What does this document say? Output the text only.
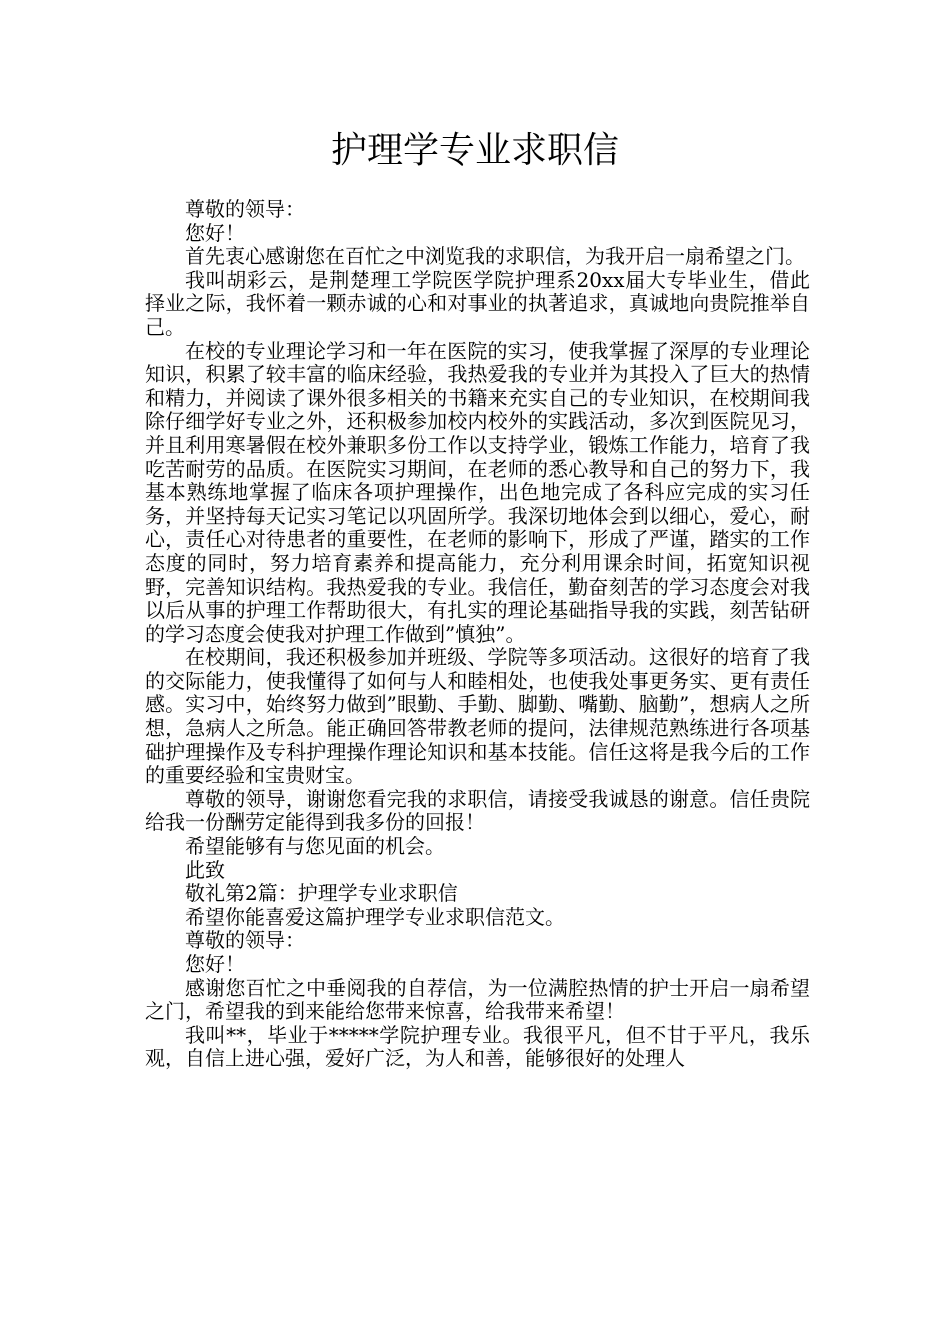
护理学专业求职信

尊敬的领导：

您好！

首先衷心感谢您在百忙之中浏览我的求职信，为我开启一扇希望之门。

我叫胡彩云，是荆楚理工学院医学院护理系20xx届大专毕业生，借此择业之际，我怀着一颗赤诚的心和对事业的执著追求，真诚地向贵院推举自己。

在校的专业理论学习和一年在医院的实习，使我掌握了深厚的专业理论知识，积累了较丰富的临床经验，我热爱我的专业并为其投入了巨大的热情和精力，并阅读了课外很多相关的书籍来充实自己的专业知识，在校期间我除仔细学好专业之外，还积极参加校内校外的实践活动，多次到医院见习，并且利用寒暑假在校外兼职多份工作以支持学业，锻炼工作能力，培育了我吃苦耐劳的品质。在医院实习期间，在老师的悉心教导和自己的努力下，我基本熟练地掌握了临床各项护理操作，出色地完成了各科应完成的实习任务，并坚持每天记实习笔记以巩固所学。我深切地体会到以细心，爱心，耐心，责任心对待患者的重要性，在老师的影响下，形成了严谨，踏实的工作态度的同时，努力培育素养和提高能力，充分利用课余时间，拓宽知识视野，完善知识结构。我热爱我的专业。我信任，勤奋刻苦的学习态度会对我以后从事的护理工作帮助很大，有扎实的理论基础指导我的实践，刻苦钻研的学习态度会使我对护理工作做到”慎独”。

在校期间，我还积极参加并班级、学院等多项活动。这很好的培育了我的交际能力，使我懂得了如何与人和睦相处，也使我处事更务实、更有责任感。实习中，始终努力做到”眼勤、手勤、脚勤、嘴勤、脑勤”，想病人之所想，急病人之所急。能正确回答带教老师的提问，法律规范熟练进行各项基础护理操作及专科护理操作理论知识和基本技能。信任这将是我今后的工作的重要经验和宝贵财宝。

尊敬的领导，谢谢您看完我的求职信，请接受我诚恳的谢意。信任贵院给我一份酬劳定能得到我多份的回报！

希望能够有与您见面的机会。

此致

敬礼第2篇：护理学专业求职信

希望你能喜爱这篇护理学专业求职信范文。

尊敬的领导：

您好！

感谢您百忙之中垂阅我的自荐信，为一位满腔热情的护士开启一扇希望之门，希望我的到来能给您带来惊喜，给我带来希望！

我叫**，毕业于*****学院护理专业。我很平凡，但不甘于平凡，我乐观，自信上进心强，爱好广泛，为人和善，能够很好的处理人
